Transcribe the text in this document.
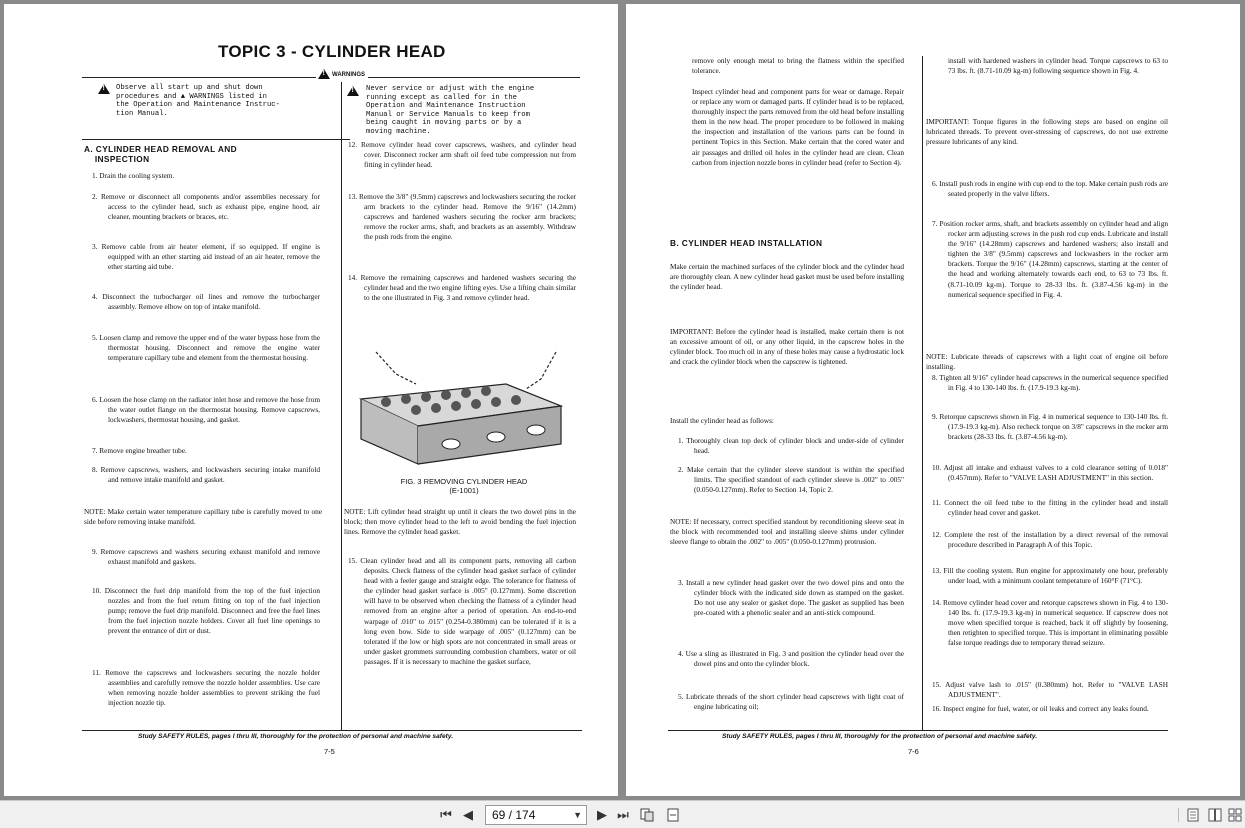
TOPIC 3 - CYLINDER HEAD
!
WARNINGS
!
Observe all start up and shut down
procedures and ▲ WARNINGS listed in
the Operation and Maintenance Instruc-
tion Manual.
!
Never service or adjust with the engine
running except as called for in the
Operation and Maintenance Instruction
Manual or Service Manuals to keep from
being caught in moving parts or by a
moving machine.
A. CYLINDER HEAD REMOVAL AND
INSPECTION
1. Drain the cooling system.
2. Remove or disconnect all components and/or assemblies necessary for access to the cylinder head, such as exhaust pipe, engine hood, air cleaner, mounting brackets or braces, etc.
3. Remove cable from air heater element, if so equipped. If engine is equipped with an ether starting aid instead of an air heater, remove the ether starting aid tube.
4. Disconnect the turbocharger oil lines and remove the turbocharger assembly. Remove elbow on top of intake manifold.
5. Loosen clamp and remove the upper end of the water bypass hose from the thermostat housing. Disconnect and remove the engine water temperature capillary tube and element from the thermostat housing.
6. Loosen the hose clamp on the radiator inlet hose and remove the hose from the water outlet flange on the thermostat housing. Remove capscrews, lockwashers, thermostat housing, and gasket.
7. Remove engine breather tube.
8. Remove capscrews, washers, and lockwashers securing intake manifold and remove intake manifold and gasket.
NOTE: Make certain water temperature capillary tube is carefully moved to one side before removing intake manifold.
9. Remove capscrews and washers securing exhaust manifold and remove exhaust manifold and gaskets.
10. Disconnect the fuel drip manifold from the top of the fuel injection nozzles and from the fuel return fitting on top of the fuel injection pump; remove the fuel drip manifold. Disconnect and free the fuel lines from the fuel injection nozzle holders. Cover all fuel line openings to prevent the entrance of dirt or dust.
11. Remove the capscrews and lockwashers securing the nozzle holder assemblies and carefully remove the nozzle holder assemblies. Use care when removing nozzle holder assemblies to prevent striking the fuel injection nozzle tip.
12. Remove cylinder head cover capscrews, washers, and cylinder head cover. Disconnect rocker arm shaft oil feed tube compression nut from fitting in cylinder head.
13. Remove the 3/8" (9.5mm) capscrews and lockwashers securing the rocker arm brackets to the cylinder head. Remove the 9/16" (14.2mm) capscrews and hardened washers securing the rocker arm brackets; remove the rocker arms, shaft, and brackets as an assembly. Withdraw the push rods from the engine.
14. Remove the remaining capscrews and hardened washers securing the cylinder head and the two engine lifting eyes. Use a lifting chain similar to the one illustrated in Fig. 3 and remove cylinder head.
FIG. 3 REMOVING CYLINDER HEAD
(E-1001)
NOTE: Lift cylinder head straight up until it clears the two dowel pins in the block; then move cylinder head to the left to avoid bending the fuel injection lines. Remove the cylinder head gasket.
15. Clean cylinder head and all its component parts, removing all carbon deposits. Check flatness of the cylinder head gasket surface of cylinder head with a feeler gauge and straight edge. The tolerance for flatness of the cylinder head gasket surface is .005" (0.127mm). Some discretion will have to be observed when checking the flatness of a cylinder head removed from an engine after a period of operation. An end-to-end warpage of .010" to .015" (0.254-0.380mm) can be tolerated if it is a long even bow. Side to side warpage of .005" (0.127mm) can be tolerated if the low or high spots are not concentrated in small areas or under gasket grommets surrounding combustion chambers, water or oil passages. If it is necessary to machine the gasket surface,
Study SAFETY RULES, pages I thru III, thoroughly for the protection of personal and machine safety.
7-5
remove only enough metal to bring the flatness within the specified tolerance.
Inspect cylinder head and component parts for wear or damage. Repair or replace any worn or damaged parts. If cylinder head is to be replaced, thoroughly inspect the parts removed from the old head before installing them in the new head. The proper procedure to be followed in making the inspection and installation of the various parts can be found in pertinent Topics in this Section. Make certain that the cored water and air passages and drilled oil holes in the cylinder head are clean. Clean carbon from injection nozzle bores in cylinder head (refer to Section 4).
B. CYLINDER HEAD INSTALLATION
Make certain the machined surfaces of the cylinder block and the cylinder head are thoroughly clean. A new cylinder head gasket must be used before installing the cylinder head.
IMPORTANT: Before the cylinder head is installed, make certain there is not an excessive amount of oil, or any other liquid, in the capscrew holes in the cylinder block. Too much oil in any of these holes may cause a hydrostatic lock and crack the cylinder block when the capscrew is tightened.
Install the cylinder head as follows:
1. Thoroughly clean top deck of cylinder block and under-side of cylinder head.
2. Make certain that the cylinder sleeve standout is within the specified limits. The specified standout of each cylinder sleeve is .002" to .005" (0.050-0.127mm). Refer to Section 14, Topic 2.
NOTE: If necessary, correct specified standout by reconditioning sleeve seat in the block with recommended tool and installing sleeve shims under cylinder sleeve flange to obtain the .002" to .005" (0.050-0.127mm) protrusion.
3. Install a new cylinder head gasket over the two dowel pins and onto the cylinder block with the indicated side down as stamped on the gasket. Do not use any sealer or gasket dope. The gasket as supplied has been pre-coated with a phenolic sealer and an anti-stick compound.
4. Use a sling as illustrated in Fig. 3 and position the cylinder head over the dowel pins and onto the cylinder block.
5. Lubricate threads of the short cylinder head capscrews with light coat of engine lubricating oil;
install with hardened washers in cylinder head. Torque capscrews to 63 to 73 lbs. ft. (8.71-10.09 kg-m) following sequence shown in Fig. 4.
IMPORTANT: Torque figures in the following steps are based on engine oil lubricated threads. To prevent over-stressing of capscrews, do not use extreme pressure lubricants of any kind.
6. Install push rods in engine with cup end to the top. Make certain push rods are seated properly in the valve lifters.
7. Position rocker arms, shaft, and brackets assembly on cylinder head and align rocker arm adjusting screws in the push rod cup ends. Lubricate and install the 9/16" (14.28mm) capscrews and hardened washers; also install and tighten the 3/8" (9.5mm) capscrews and lockwashers in the rocker arm brackets. Torque the 9/16" (14.28mm) capscrews, starting at the center of the head and working alternately towards each end, to 63 to 73 lbs. ft. (8.71-10.09 kg-m). Torque to 28-33 lbs. ft. (3.87-4.56 kg-m) in the numerical sequence specified in Fig. 4.
NOTE: Lubricate threads of capscrews with a light coat of engine oil before installing.
8. Tighten all 9/16" cylinder head capscrews in the numerical sequence specified in Fig. 4 to 130-140 lbs. ft. (17.9-19.3 kg-m).
9. Retorque capscrews shown in Fig. 4 in numerical sequence to 130-140 lbs. ft. (17.9-19.3 kg-m). Also recheck torque on 3/8" capscrews in the rocker arm brackets (28-33 lbs. ft. (3.87-4.56 kg-m).
10. Adjust all intake and exhaust valves to a cold clearance setting of 0.018" (0.457mm). Refer to "VALVE LASH ADJUSTMENT" in this section.
11. Connect the oil feed tube to the fitting in the cylinder head and install cylinder head cover and gasket.
12. Complete the rest of the installation by a direct reversal of the removal procedure described in Paragraph A of this Topic.
13. Fill the cooling system. Run engine for approximately one hour, preferably under load, with a minimum coolant temperature of 160°F (71°C).
14. Remove cylinder head cover and retorque capscrews shown in Fig. 4 to 130-140 lbs. ft. (17.9-19.3 kg-m) in numerical sequence. If capscrew does not move when specified torque is reached, back it off slightly by loosening, then retighten to specified torque. This is important in eliminating possible false torque readings due to temporary thread seizure.
15. Adjust valve lash to .015" (0.380mm) hot. Refer to "VALVE LASH ADJUSTMENT".
16. Inspect engine for fuel, water, or oil leaks and correct any leaks found.
Study SAFETY RULES, pages I thru III, thoroughly for the protection of personal and machine safety.
7-6
⏮ ◀	69 / 174	▼ ▶ ⏭
